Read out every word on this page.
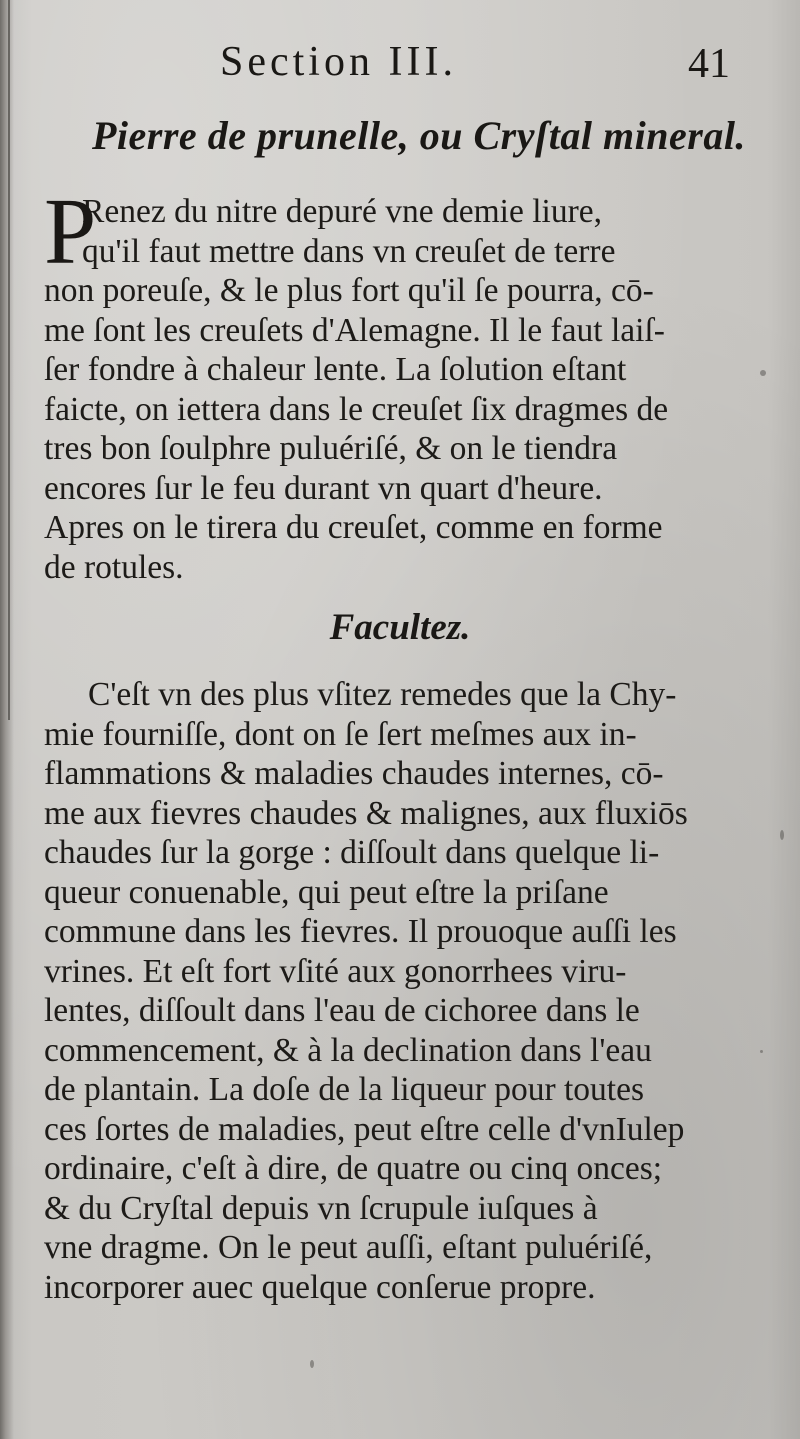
Section III.	41
Pierre de prunelle, ou Cryſtal mineral.
P
Renez du nitre depuré vne demie liure,
qu'il faut mettre dans vn creuſet de terre
non poreuſe, & le plus fort qu'il ſe pourra, cō-
me ſont les creuſets d'Alemagne. Il le faut laiſ-
ſer fondre à chaleur lente. La ſolution eſtant
faicte, on iettera dans le creuſet ſix dragmes de
tres bon ſoulphre puluériſé, & on le tiendra
encores ſur le feu durant vn quart d'heure.
Apres on le tirera du creuſet, comme en forme
de rotules.
Facultez.
C'eſt vn des plus vſitez remedes que la Chy-
mie fourniſſe, dont on ſe ſert meſmes aux in-
flammations & maladies chaudes internes, cō-
me aux fievres chaudes & malignes, aux fluxiōs
chaudes ſur la gorge : diſſoult dans quelque li-
queur conuenable, qui peut eſtre la priſane
commune dans les fievres. Il prouoque auſſi les
vrines. Et eſt fort vſité aux gonorrhees viru-
lentes, diſſoult dans l'eau de cichoree dans le
commencement, & à la declination dans l'eau
de plantain. La doſe de la liqueur pour toutes
ces ſortes de maladies, peut eſtre celle d'vnIulep
ordinaire, c'eſt à dire, de quatre ou cinq onces;
& du Cryſtal depuis vn ſcrupule iuſques à
vne dragme. On le peut auſſi, eſtant puluériſé,
incorporer auec quelque conſerue propre.
